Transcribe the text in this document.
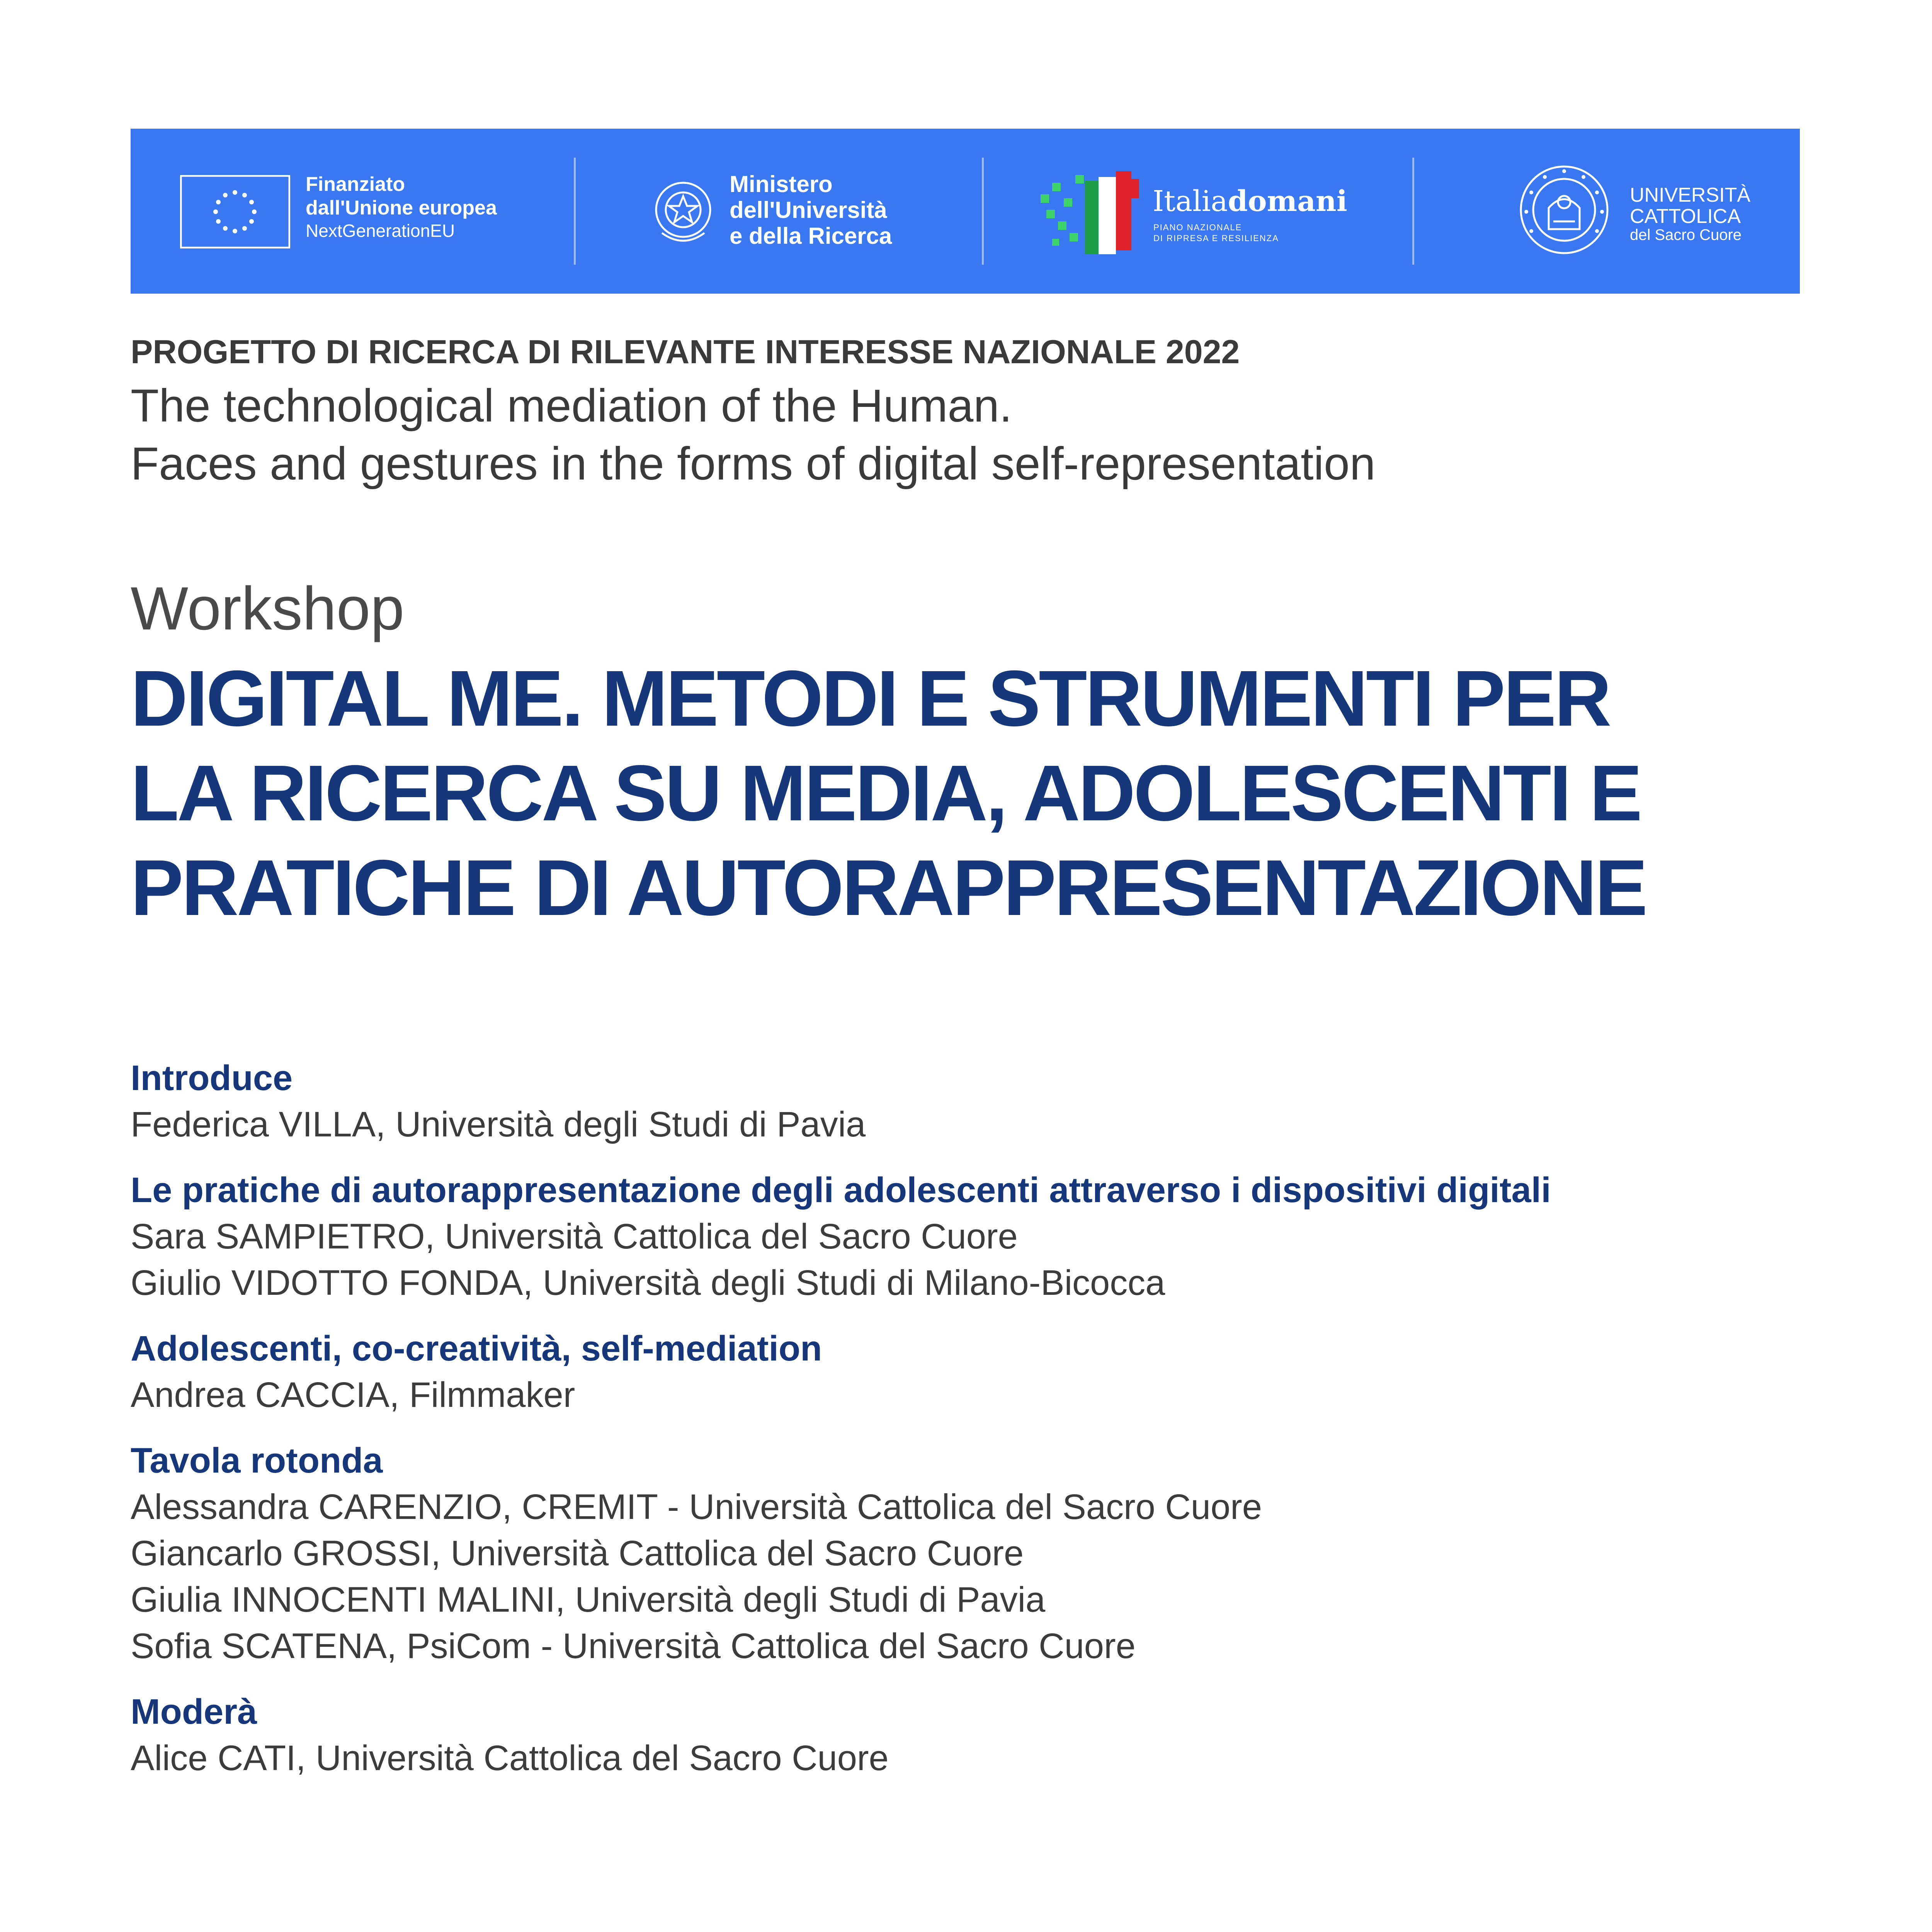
Finanziato
dall'Unione europea
NextGenerationEU
Ministero
dell'Università
e della Ricerca
Italiadomani
PIANO NAZIONALE
DI RIPRESA E RESILIENZA
UNIVERSITÀ
CATTOLICA
del Sacro Cuore
PROGETTO DI RICERCA DI RILEVANTE INTERESSE NAZIONALE 2022
The technological mediation of the Human.
Faces and gestures in the forms of digital self-representation
Workshop
DIGITAL ME. METODI E STRUMENTI PER
LA RICERCA SU MEDIA, ADOLESCENTI E
PRATICHE DI AUTORAPPRESENTAZIONE
Introduce
Federica VILLA, Università degli Studi di Pavia
Le pratiche di autorappresentazione degli adolescenti attraverso i dispositivi digitali
Sara SAMPIETRO, Università Cattolica del Sacro Cuore
Giulio VIDOTTO FONDA, Università degli Studi di Milano-Bicocca
Adolescenti, co-creatività, self-mediation
Andrea CACCIA, Filmmaker
Tavola rotonda
Alessandra CARENZIO, CREMIT - Università Cattolica del Sacro Cuore
Giancarlo GROSSI, Università Cattolica del Sacro Cuore
Giulia INNOCENTI MALINI, Università degli Studi di Pavia
Sofia SCATENA, PsiCom - Università Cattolica del Sacro Cuore
Moderà
Alice CATI, Università Cattolica del Sacro Cuore
